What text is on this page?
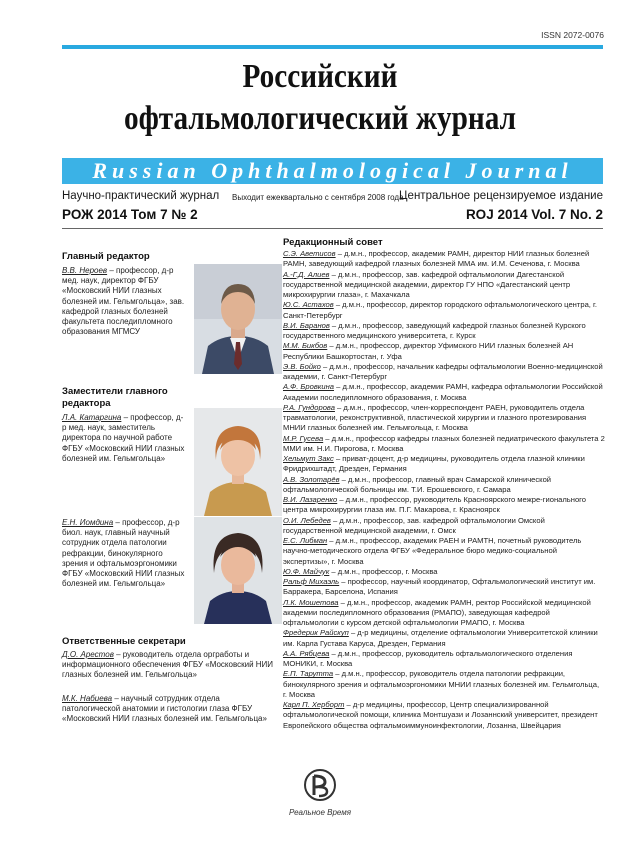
ISSN 2072-0076
Российский
офтальмологический журнал
Russian Ophthalmological Journal
Научно-практический журнал Выходит ежеквартально с сентября 2008 года
Центральное рецензируемое издание
РОЖ 2014 Том 7 № 2	ROJ 2014 Vol. 7 No. 2
Главный редактор
В.В. Нероев – профессор, д-р мед. наук, директор ФГБУ «Московский НИИ глазных болезней им. Гельмгольца», зав. кафедрой глазных болезней факультета последипломного образования МГМСУ
Заместители главного
редактора
Л.А. Катаргина – профессор, д-р мед. наук, заместитель директора по научной работе ФГБУ «Московский НИИ глазных болезней им. Гельмгольца»
Е.Н. Иомдина – профессор, д-р биол. наук, главный научный сотрудник отдела патологии рефракции, бинокулярного зрения и офтальмоэргономики ФГБУ «Московский НИИ глазных болезней им. Гельмгольца»
Ответственные секретари
Д.О. Арестов – руководитель отдела оргработы и информационного обеспечения ФГБУ «Московский НИИ глазных болезней им. Гельмгольца»
М.К. Набиева – научный сотрудник отдела патологической анатомии и гистологии глаза ФГБУ «Московский НИИ глазных болезней им. Гельмгольца»
Редакционный совет

С.Э. Аветисов – д.м.н., профессор, академик РАМН, директор НИИ глазных болезней РАМН, заведующий кафедрой глазных болезней ММА им. И.М. Сеченова, г. Москва

А.-Г.Д. Алиев – д.м.н., профессор, зав. кафедрой офтальмологии Дагестанской государственной медицинской академии, директор ГУ НПО «Дагестанский центр микрохирургии глаза», г. Махачкала

Ю.С. Астахов – д.м.н., профессор, директор городского офтальмологического центра, г. Санкт-Петербург

В.И. Баранов – д.м.н., профессор, заведующий кафедрой глазных болезней Курского государственного медицинского университета, г. Курск

М.М. Бикбов – д.м.н., профессор, директор Уфимского НИИ глазных болезней АН Республики Башкортостан, г. Уфа

Э.В. Бойко – д.м.н., профессор, начальник кафедры офтальмологии Военно-медицинской академии, г. Санкт-Петербург

А.Ф. Бровкина – д.м.н., профессор, академик РАМН, кафедра офтальмологии Российской Академии последипломного образования, г. Москва

Р.А. Гундорова – д.м.н., профессор, член-корреспондент РАЕН, руководитель отдела травматологии, реконструктивной, пластической хирургии и глазного протезирования МНИИ глазных болезней им. Гельмгольца, г. Москва

М.Р. Гусева – д.м.н., профессор кафедры глазных болезней педиатрического факультета 2 ММИ им. Н.И. Пирогова, г. Москва

Хельмут Закс – приват-доцент, д-р медицины, руководитель отдела глазной клиники Фридрихштадт, Дрезден, Германия

А.В. Золотарёв – д.м.н., профессор, главный врач Самарской клинической офтальмологической больницы им. Т.И. Ерошевского, г. Самара

В.И. Лазаренко – д.м.н., профессор, руководитель Красноярского межре-гионального центра микрохирургии глаза им. П.Г. Макарова, г. Красноярск

О.И. Лебедев – д.м.н., профессор, зав. кафедрой офтальмологии Омской государственной медицинской академии, г. Омск

Е.С. Либман – д.м.н., профессор, академик РАЕН и РАМТН, почетный руководитель научно-методического отдела ФГБУ «Федеральное бюро медико-социальной экспертизы», г. Москва

Ю.Ф. Майчук – д.м.н., профессор, г. Москва

Ральф Михаэль – профессор, научный координатор, Офтальмологический институт им. Барракера, Барселона, Испания

Л.К. Мошетова – д.м.н., профессор, академик РАМН, ректор Российской медицинской академии последипломного образования (РМАПО), заведующая кафедрой офтальмологии с курсом детской офтальмологии РМАПО, г. Москва

Фредерик Райскуп – д-р медицины, отделение офтальмологии Университетской клиники им. Карла Густава Каруса, Дрезден, Германия

А.А. Рябцева – д.м.н., профессор, руководитель офтальмологического отделения МОНИКИ, г. Москва

Е.П. Тарутта – д.м.н., профессор, руководитель отдела патологии рефракции, бинокулярного зрения и офтальмоэргономики МНИИ глазных болезней им. Гельмгольца, г. Москва

Карл П. Херборт – д-р медицины, профессор, Центр специализированной офтальмологической помощи, клиника Монтшуази и Лозаннский университет, президент Европейского общества офтальмоиммуноинфектологии, Лозанна, Швейцария

Реальное Время
